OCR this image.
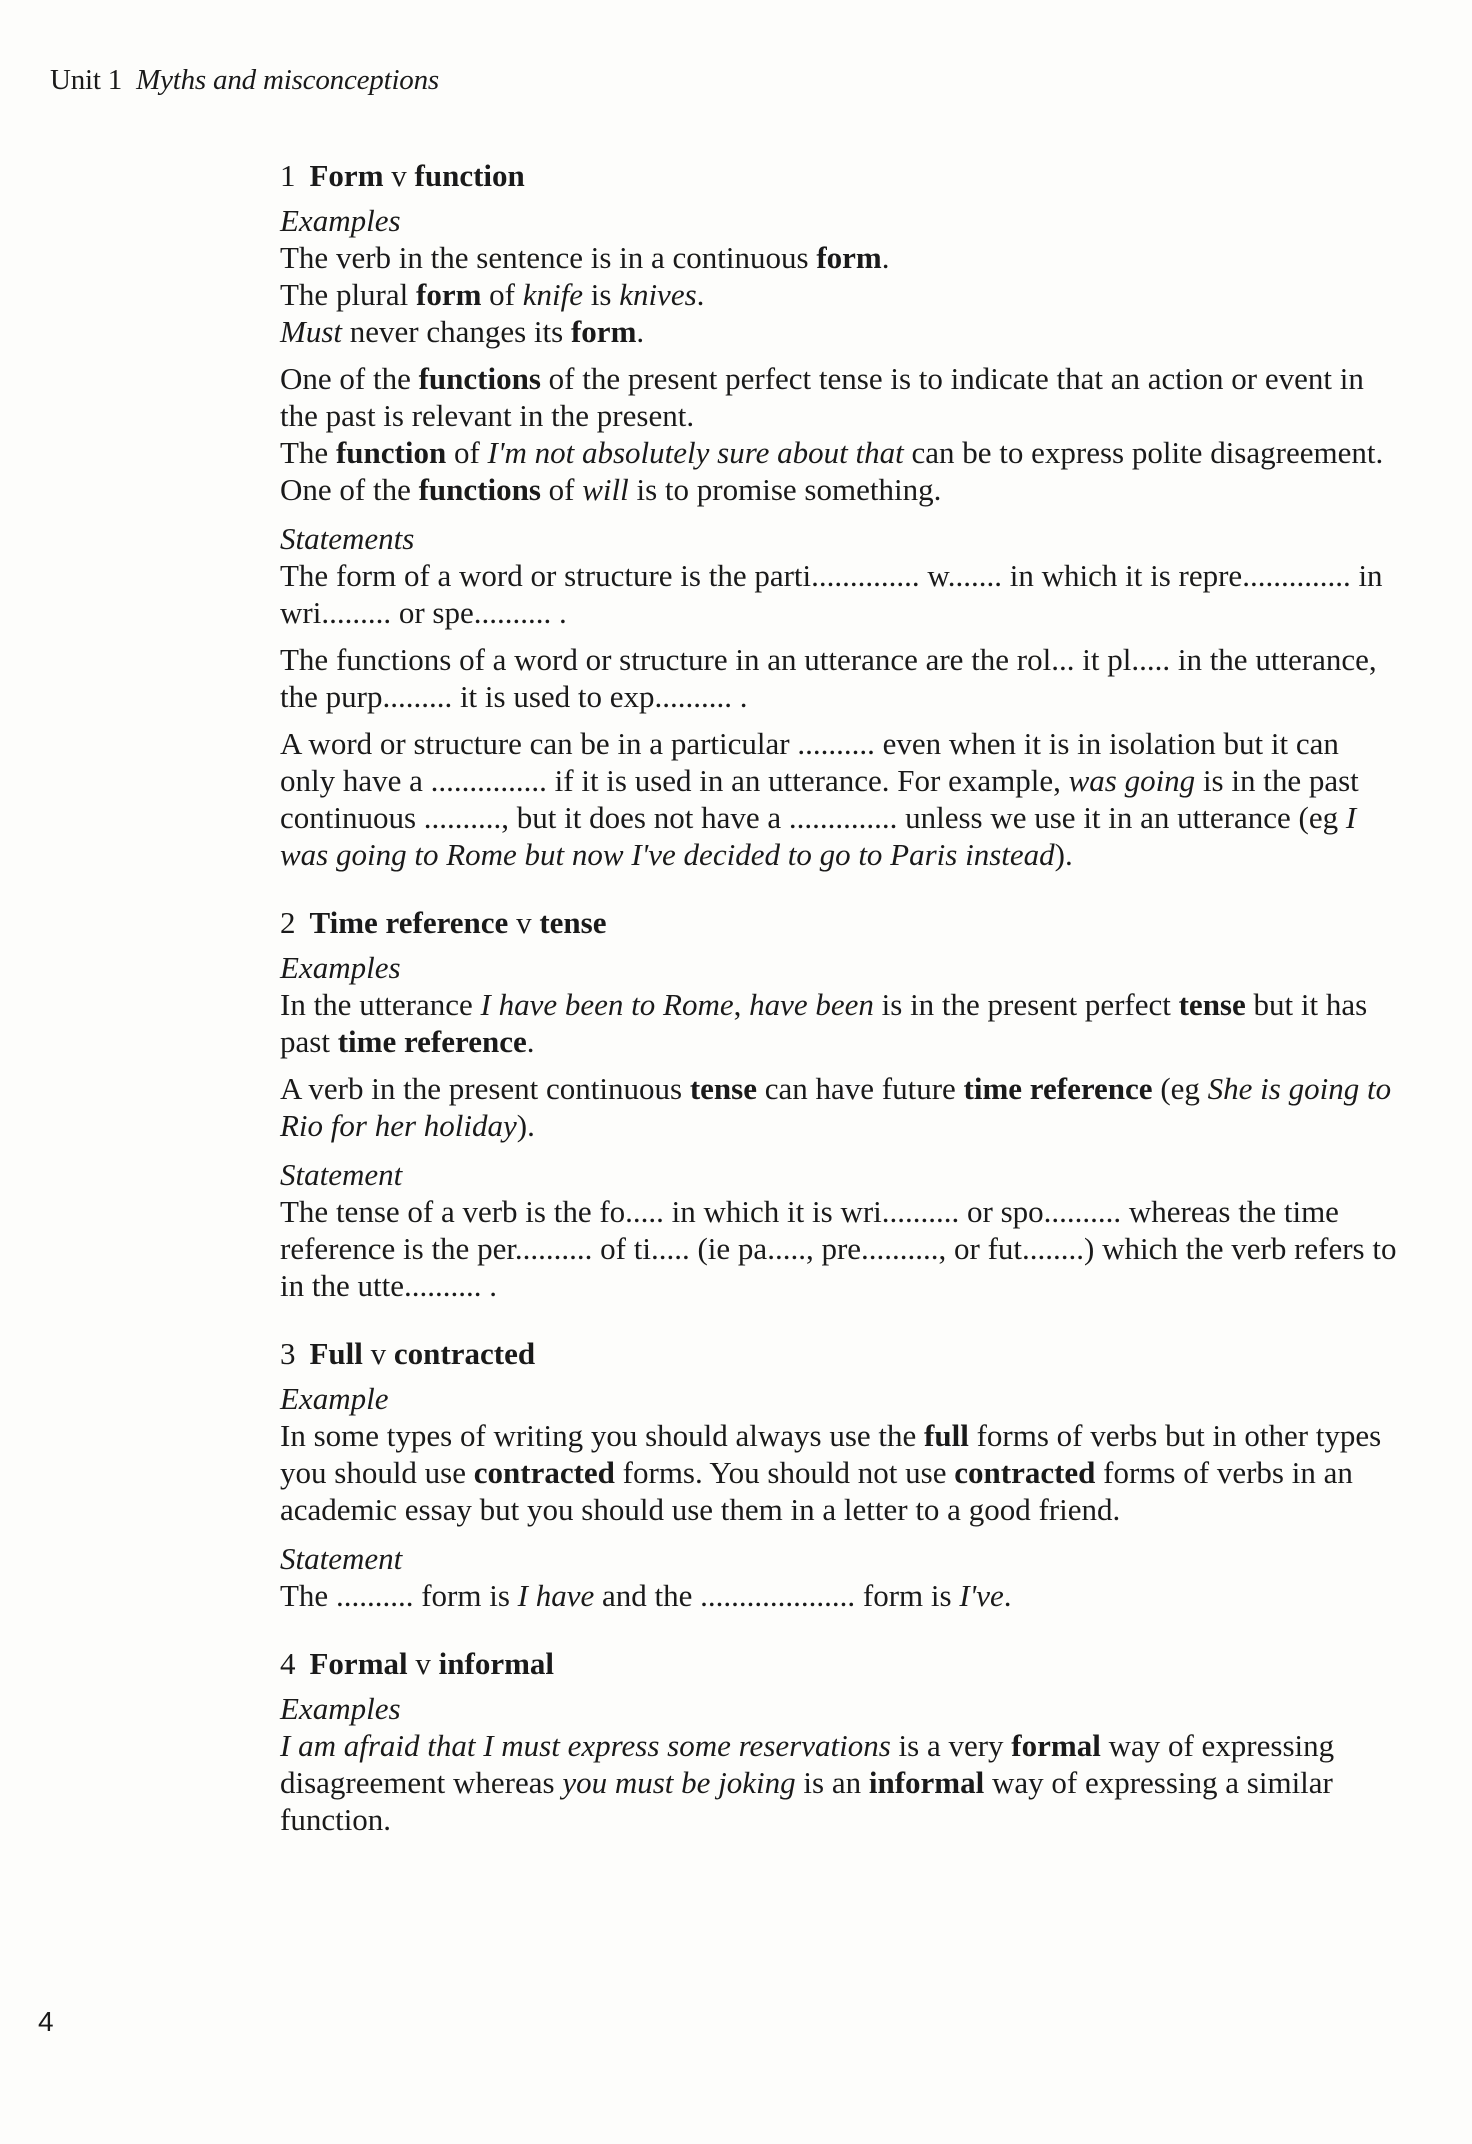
Unit 1 Myths and misconceptions
1 Form v function
Examples

The verb in the sentence is in a continuous form.

The plural form of knife is knives.

Must never changes its form.

One of the functions of the present perfect tense is to indicate that an action or event in the past is relevant in the present.

The function of I'm not absolutely sure about that can be to express polite disagreement.

One of the functions of will is to promise something.

Statements

The form of a word or structure is the parti.............. w....... in which it is repre.............. in wri......... or spe.......... .

The functions of a word or structure in an utterance are the rol... it pl..... in the utterance, the purp......... it is used to exp.......... .

A word or structure can be in a particular .......... even when it is in isolation but it can only have a ............... if it is used in an utterance. For example, was going is in the past continuous .........., but it does not have a .............. unless we use it in an utterance (eg I was going to Rome but now I've decided to go to Paris instead).

2 Time reference v tense
Examples

In the utterance I have been to Rome, have been is in the present perfect tense but it has past time reference.

A verb in the present continuous tense can have future time reference (eg She is going to Rio for her holiday).

Statement

The tense of a verb is the fo..... in which it is wri.......... or spo.......... whereas the time reference is the per.......... of ti..... (ie pa....., pre.........., or fut........) which the verb refers to in the utte.......... .

3 Full v contracted
Example

In some types of writing you should always use the full forms of verbs but in other types you should use contracted forms. You should not use contracted forms of verbs in an academic essay but you should use them in a letter to a good friend.

Statement

The .......... form is I have and the .................... form is I've.

4 Formal v informal
Examples

I am afraid that I must express some reservations is a very formal way of expressing disagreement whereas you must be joking is an informal way of expressing a similar function.

4
